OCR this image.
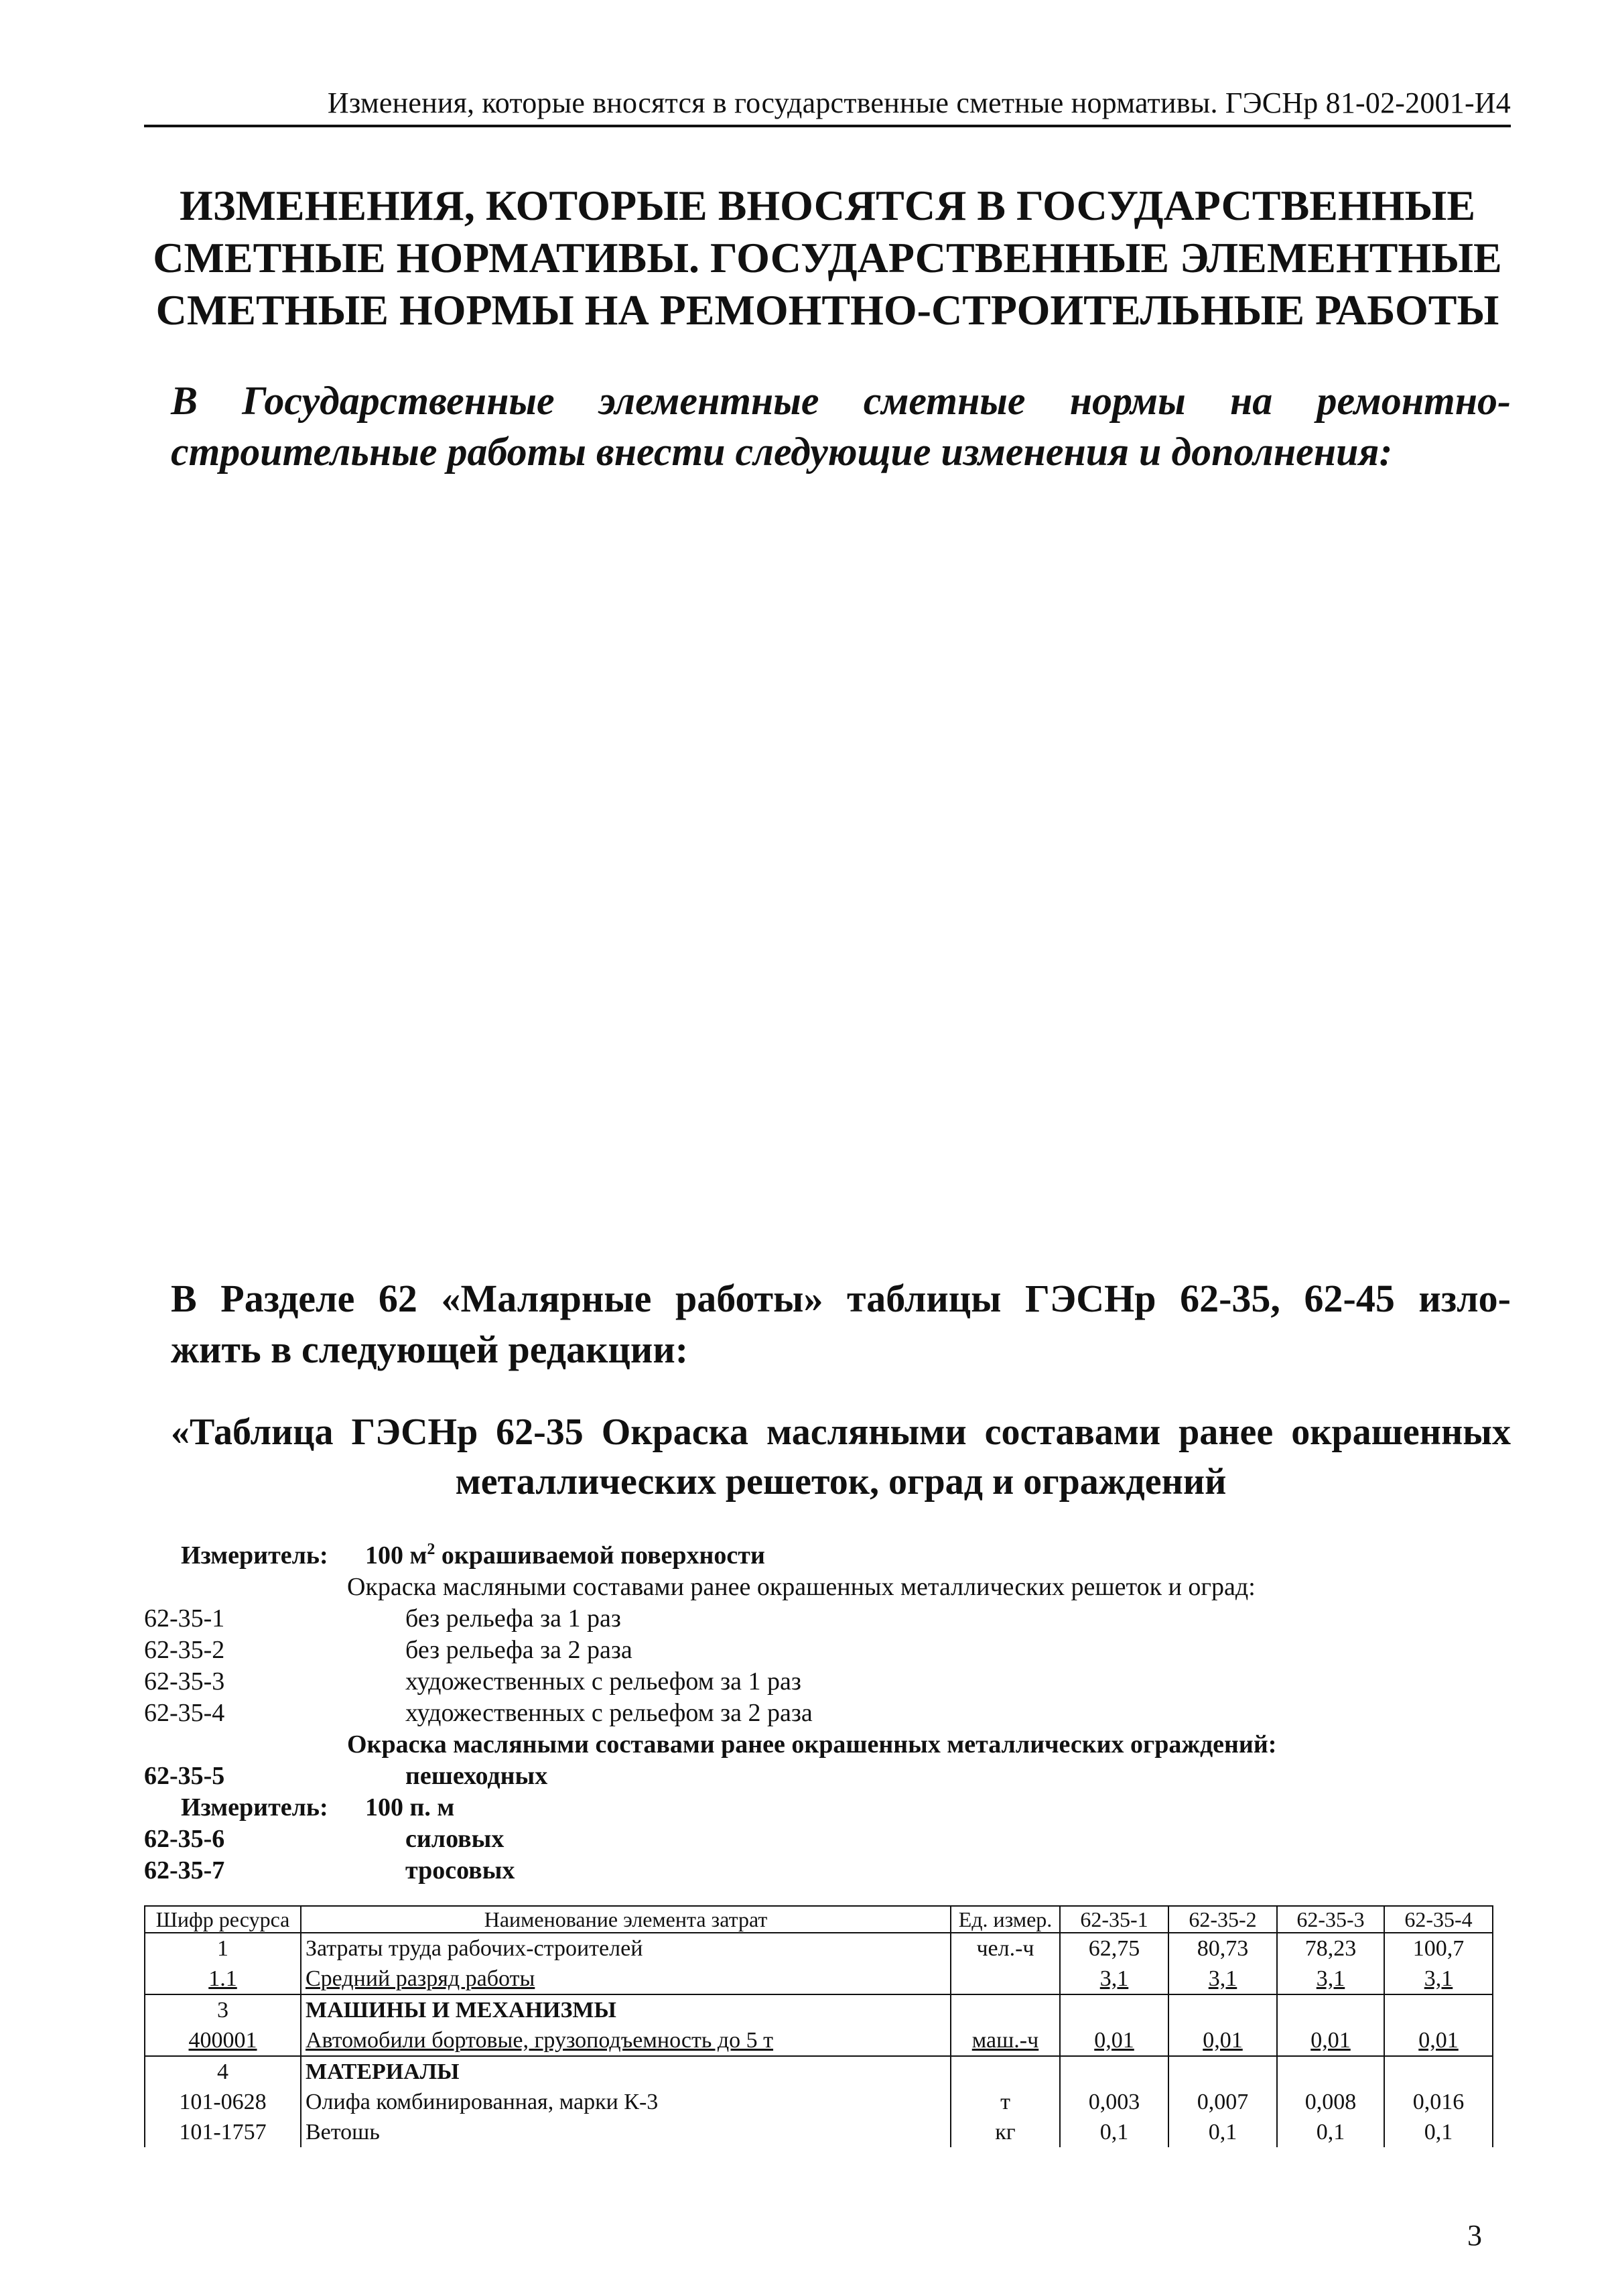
Изменения, которые вносятся в государственные сметные нормативы. ГЭСНр 81-02-2001-И4
ИЗМЕНЕНИЯ, КОТОРЫЕ ВНОСЯТСЯ В ГОСУДАРСТВЕННЫЕ
СМЕТНЫЕ НОРМАТИВЫ. ГОСУДАРСТВЕННЫЕ ЭЛЕМЕНТНЫЕ
СМЕТНЫЕ НОРМЫ НА РЕМОНТНО-СТРОИТЕЛЬНЫЕ РАБОТЫ
В Государственные элементные сметные нормы на ремонтно-
строительные работы внести следующие изменения и дополнения:
В Разделе 62 «Малярные работы» таблицы ГЭСНр 62-35, 62-45 изло-
жить в следующей редакции:
«Таблица ГЭСНр 62-35 Окраска масляными составами ранее окрашенных
металлических решеток, оград и ограждений
Измеритель: 100 $м^2$ окрашиваемой поверхности
Окраска масляными составами ранее окрашенных металлических решеток и оград:
62-35-1	без рельефа за 1 раз
62-35-2	без рельефа за 2 раза
62-35-3	художественных с рельефом за 1 раз
62-35-4	художественных с рельефом за 2 раза
Окраска масляными составами ранее окрашенных металлических ограждений:
62-35-5	пешеходных
Измеритель: 100 п. м
62-35-6	силовых
62-35-7	тросовых
Шифр ресурса	Наименование элемента затрат	Ед. измер.	62-35-1	62-35-2	62-35-3	62-35-4
1	Затраты труда рабочих-строителей	чел.-ч	62,75	80,73	78,23	100,7
1.1	Средний разряд работы		3,1	3,1	3,1	3,1
3	МАШИНЫ И МЕХАНИЗМЫ					
400001	Автомобили бортовые, грузоподъемность до 5 т	маш.-ч	0,01	0,01	0,01	0,01
4	МАТЕРИАЛЫ					
101-0628	Олифа комбинированная, марки К-3	т	0,003	0,007	0,008	0,016
101-1757	Ветошь	кг	0,1	0,1	0,1	0,1
3
